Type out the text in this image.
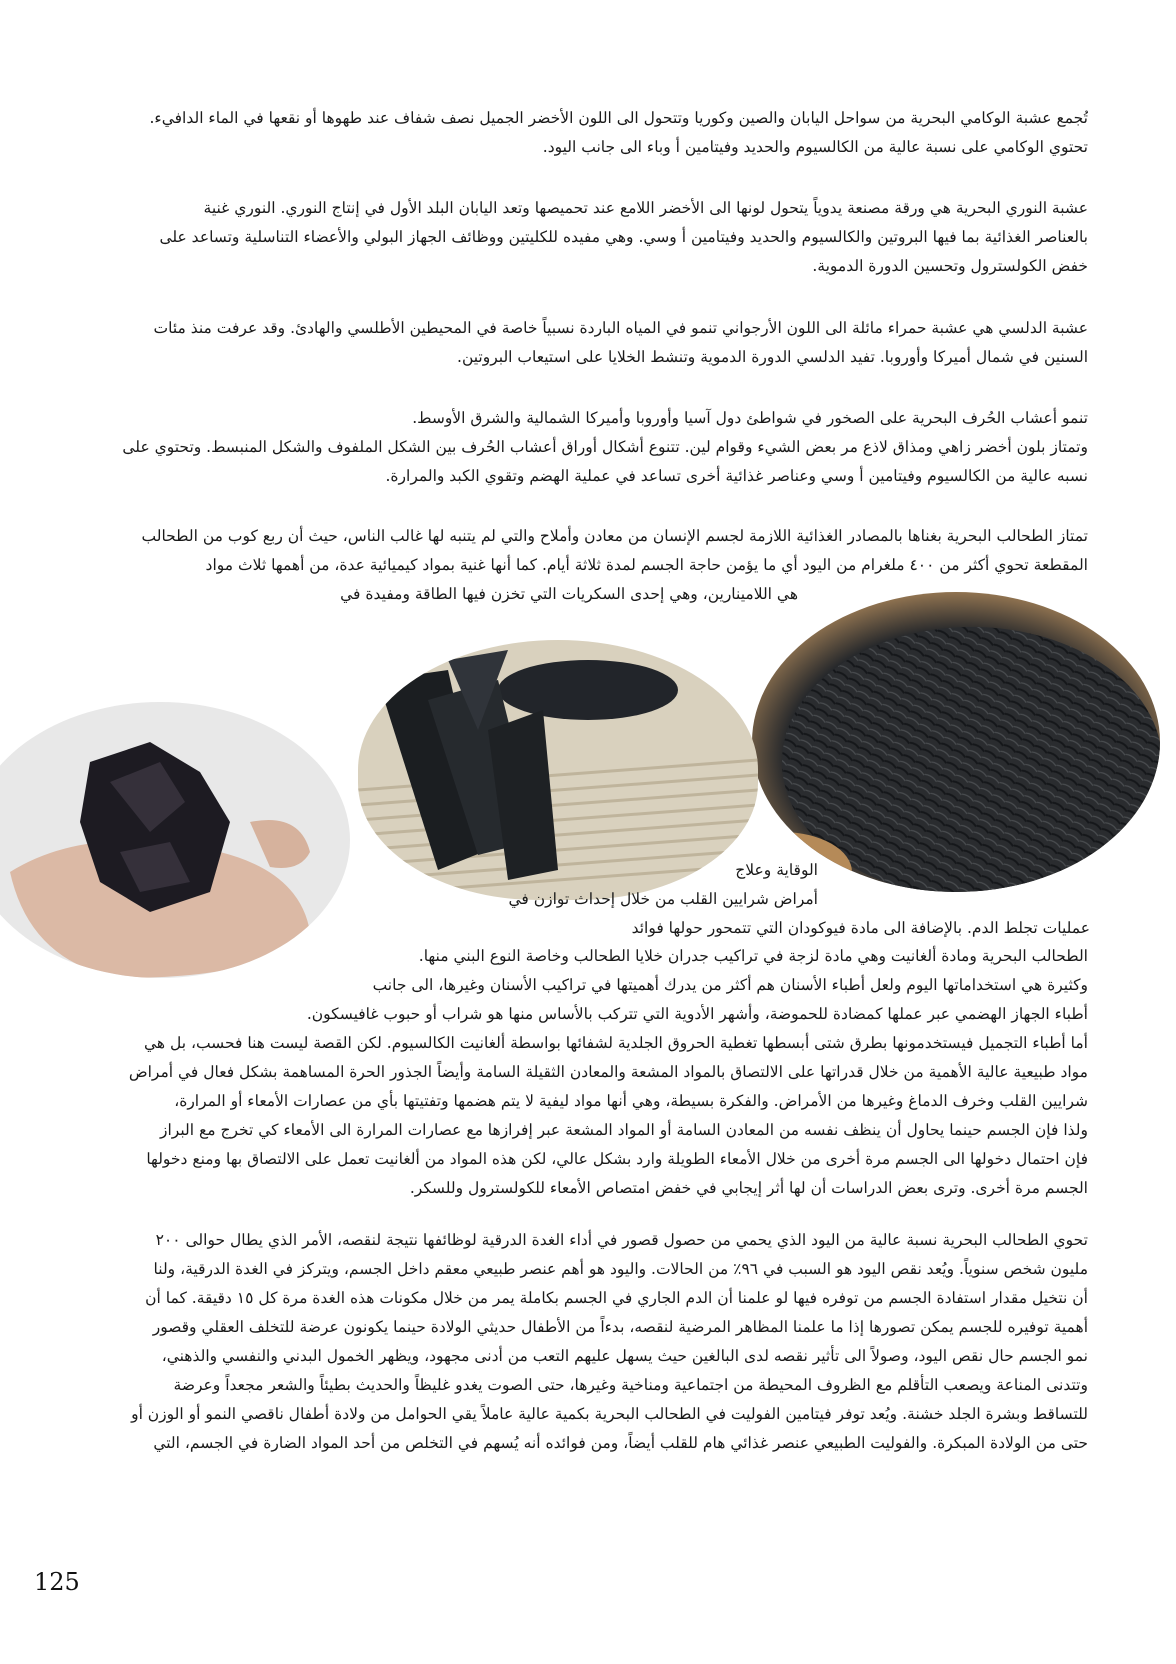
تُجمع عشبة الوكامي البحرية من سواحل اليابان والصين وكوريا وتتحول الى اللون الأخضر الجميل نصف شفاف عند طهوها أو نقعها في الماء الدافيء.
تحتوي الوكامي على نسبة عالية من الكالسيوم والحديد وفيتامين أ وباء الى جانب اليود.
عشبة النوري البحرية هي ورقة مصنعة يدوياً يتحول لونها الى الأخضر اللامع عند تحميصها وتعد اليابان البلد الأول في إنتاج النوري. النوري غنية
بالعناصر الغذائية بما فيها البروتين والكالسيوم والحديد وفيتامين أ وسي. وهي مفيده للكليتين ووظائف الجهاز البولي والأعضاء التناسلية وتساعد على
خفض الكولسترول وتحسين الدورة الدموية.
عشبة الدلسي هي عشبة حمراء مائلة الى اللون الأرجواني تنمو في المياه الباردة نسبياً خاصة في المحيطين الأطلسي والهادئ. وقد عرفت منذ مئات
السنين في شمال أميركا وأوروبا. تفيد الدلسي الدورة الدموية وتنشط الخلايا على استيعاب البروتين.
تنمو أعشاب الحُرف البحرية على الصخور في شواطئ دول آسيا وأوروبا وأميركا الشمالية والشرق الأوسط.
وتمتاز بلون أخضر زاهي ومذاق لاذع مر بعض الشيء وقوام لين. تتنوع أشكال أوراق أعشاب الحُرف بين الشكل الملفوف والشكل المنبسط. وتحتوي على
نسبه عالية من الكالسيوم وفيتامين أ وسي وعناصر غذائية أخرى تساعد في عملية الهضم وتقوي الكبد والمرارة.
تمتاز الطحالب البحرية بغناها بالمصادر الغذائية اللازمة لجسم الإنسان من معادن وأملاح والتي لم يتنبه لها غالب الناس، حيث أن ربع كوب من الطحالب
المقطعة تحوي أكثر من ٤٠٠ ملغرام من اليود أي ما يؤمن حاجة الجسم لمدة ثلاثة أيام. كما أنها غنية بمواد كيميائية عدة، من أهمها ثلاث مواد
هي اللامينارين، وهي إحدى السكريات التي تخزن فيها الطاقة ومفيدة في
الوقاية وعلاج
أمراض شرايين القلب من خلال إحداث توازن في
عمليات تجلط الدم. بالإضافة الى مادة فيوكودان التي تتمحور حولها فوائد
الطحالب البحرية ومادة ألغانيت وهي مادة لزجة في تراكيب جدران خلايا الطحالب وخاصة النوع البني منها.
وكثيرة هي استخداماتها اليوم ولعل أطباء الأسنان هم أكثر من يدرك أهميتها في تراكيب الأسنان وغيرها، الى جانب
أطباء الجهاز الهضمي عبر عملها كمضادة للحموضة، وأشهر الأدوية التي تتركب بالأساس منها هو شراب أو حبوب غافيسكون.
أما أطباء التجميل فيستخدمونها بطرق شتى أبسطها تغطية الحروق الجلدية لشفائها بواسطة ألغانيت الكالسيوم. لكن القصة ليست هنا فحسب، بل هي
مواد طبيعية عالية الأهمية من خلال قدراتها على الالتصاق بالمواد المشعة والمعادن الثقيلة السامة وأيضاً الجذور الحرة المساهمة بشكل فعال في أمراض
شرايين القلب وخرف الدماغ وغيرها من الأمراض. والفكرة بسيطة، وهي أنها مواد ليفية لا يتم هضمها وتفتيتها بأي من عصارات الأمعاء أو المرارة،
ولذا فإن الجسم حينما يحاول أن ينظف نفسه من المعادن السامة أو المواد المشعة عبر إفرازها مع عصارات المرارة الى الأمعاء كي تخرج مع البراز
فإن احتمال دخولها الى الجسم مرة أخرى من خلال الأمعاء الطويلة وارد بشكل عالي، لكن هذه المواد من ألغانيت تعمل على الالتصاق بها ومنع دخولها
الجسم مرة أخرى. وترى بعض الدراسات أن لها أثر إيجابي في خفض امتصاص الأمعاء للكولسترول وللسكر.
تحوي الطحالب البحرية نسبة عالية من اليود الذي يحمي من حصول قصور في أداء الغدة الدرقية لوظائفها نتيجة لنقصه، الأمر الذي يطال حوالى ٢٠٠
مليون شخص سنوياً. ويُعد نقص اليود هو السبب في ٩٦٪ من الحالات. واليود هو أهم عنصر طبيعي معقم داخل الجسم، ويتركز في الغدة الدرقية، ولنا
أن نتخيل مقدار استفادة الجسم من توفره فيها لو علمنا أن الدم الجاري في الجسم بكاملة يمر من خلال مكونات هذه الغدة مرة كل ١٥ دقيقة. كما أن
أهمية توفيره للجسم يمكن تصورها إذا ما علمنا المظاهر المرضية لنقصه، بدءاً من الأطفال حديثي الولادة حينما يكونون عرضة للتخلف العقلي وقصور
نمو الجسم حال نقص اليود، وصولاً الى تأثير نقصه لدى البالغين حيث يسهل عليهم التعب من أدنى مجهود، ويظهر الخمول البدني والنفسي والذهني،
وتتدنى المناعة ويصعب التأقلم مع الظروف المحيطة من اجتماعية ومناخية وغيرها، حتى الصوت يغدو غليظاً والحديث بطيئاً والشعر مجعداً وعرضة
للتساقط وبشرة الجلد خشنة. ويُعد توفر فيتامين الفوليت في الطحالب البحرية بكمية عالية عاملاً يقي الحوامل من ولادة أطفال ناقصي النمو أو الوزن أو
حتى من الولادة المبكرة. والفوليت الطبيعي عنصر غذائي هام للقلب أيضاً، ومن فوائده أنه يُسهم في التخلص من أحد المواد الضارة في الجسم، التي
125
